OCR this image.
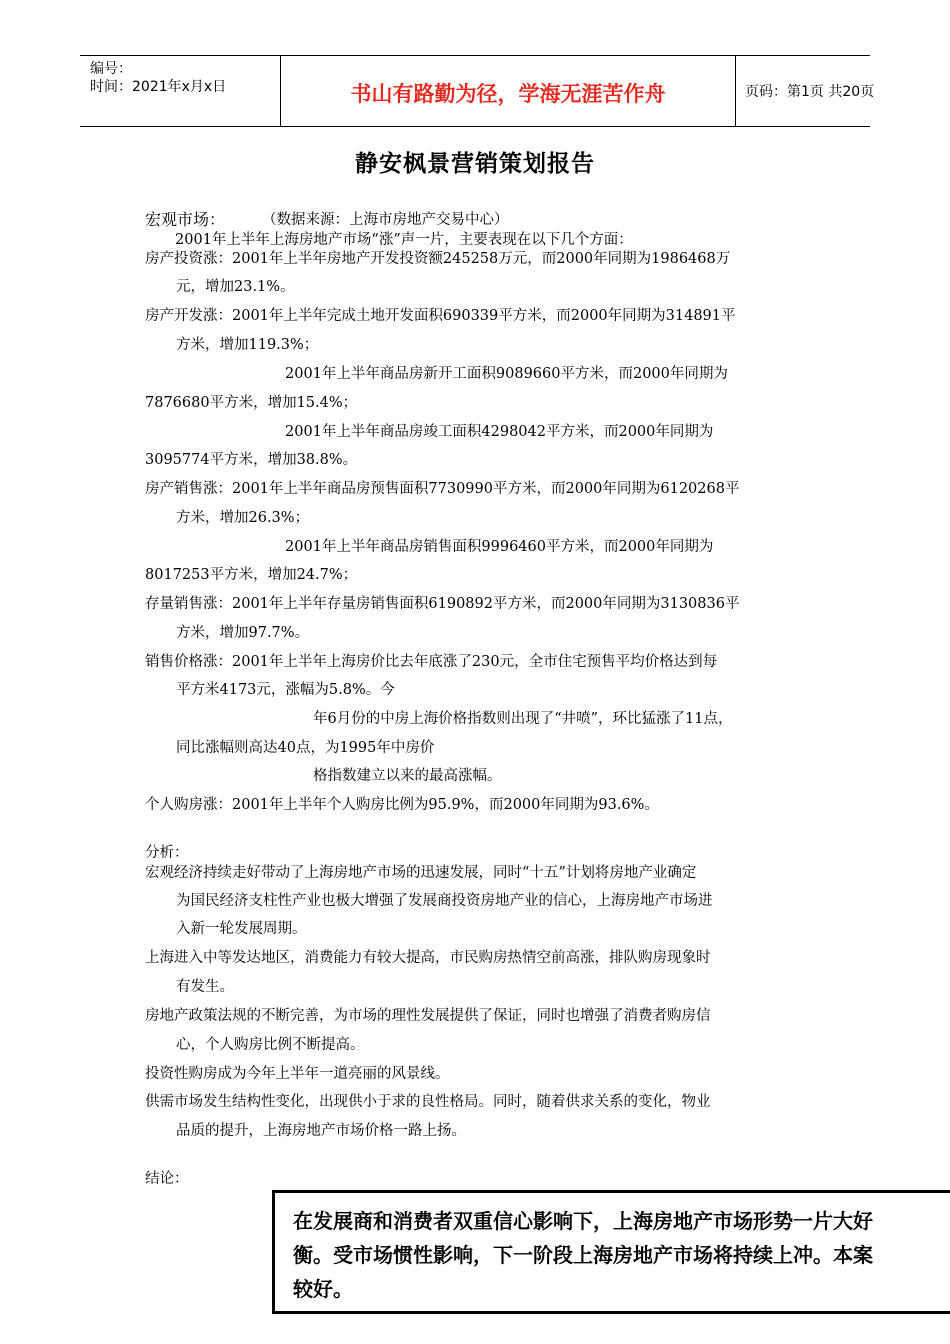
编号：
时间：2021年x月x日	书山有路勤为径，学海无涯苦作舟	页码：第1页 共20页
静安枫景营销策划报告
宏观市场：	（数据来源：上海市房地产交易中心）
2001年上半年上海房地产市场“涨”声一片，主要表现在以下几个方面：
房产投资涨：2001年上半年房地产开发投资额245258万元，而2000年同期为1986468万
元，增加23.1%。
房产开发涨：2001年上半年完成土地开发面积690339平方米，而2000年同期为314891平
方米，增加119.3%；
2001年上半年商品房新开工面积9089660平方米，而2000年同期为
7876680平方米，增加15.4%；
2001年上半年商品房竣工面积4298042平方米，而2000年同期为
3095774平方米，增加38.8%。
房产销售涨：2001年上半年商品房预售面积7730990平方米，而2000年同期为6120268平
方米，增加26.3%；
2001年上半年商品房销售面积9996460平方米，而2000年同期为
8017253平方米，增加24.7%；
存量销售涨：2001年上半年存量房销售面积6190892平方米，而2000年同期为3130836平
方米，增加97.7%。
销售价格涨：2001年上半年上海房价比去年底涨了230元，全市住宅预售平均价格达到每
平方米4173元，涨幅为5.8%。今
年6月份的中房上海价格指数则出现了“井喷”，环比猛涨了11点，
同比涨幅则高达40点，为1995年中房价
格指数建立以来的最高涨幅。
个人购房涨：2001年上半年个人购房比例为95.9%，而2000年同期为93.6%。
分析：
宏观经济持续走好带动了上海房地产市场的迅速发展，同时“十五”计划将房地产业确定
为国民经济支柱性产业也极大增强了发展商投资房地产业的信心，上海房地产市场进
入新一轮发展周期。
上海进入中等发达地区，消费能力有较大提高，市民购房热情空前高涨，排队购房现象时
有发生。
房地产政策法规的不断完善，为市场的理性发展提供了保证，同时也增强了消费者购房信
心，个人购房比例不断提高。
投资性购房成为今年上半年一道亮丽的风景线。
供需市场发生结构性变化，出现供小于求的良性格局。同时，随着供求关系的变化，物业
品质的提升，上海房地产市场价格一路上扬。
结论：
在发展商和消费者双重信心影响下，上海房地产市场形势一片大好
衡。受市场惯性影响，下一阶段上海房地产市场将持续上冲。本案
较好。
